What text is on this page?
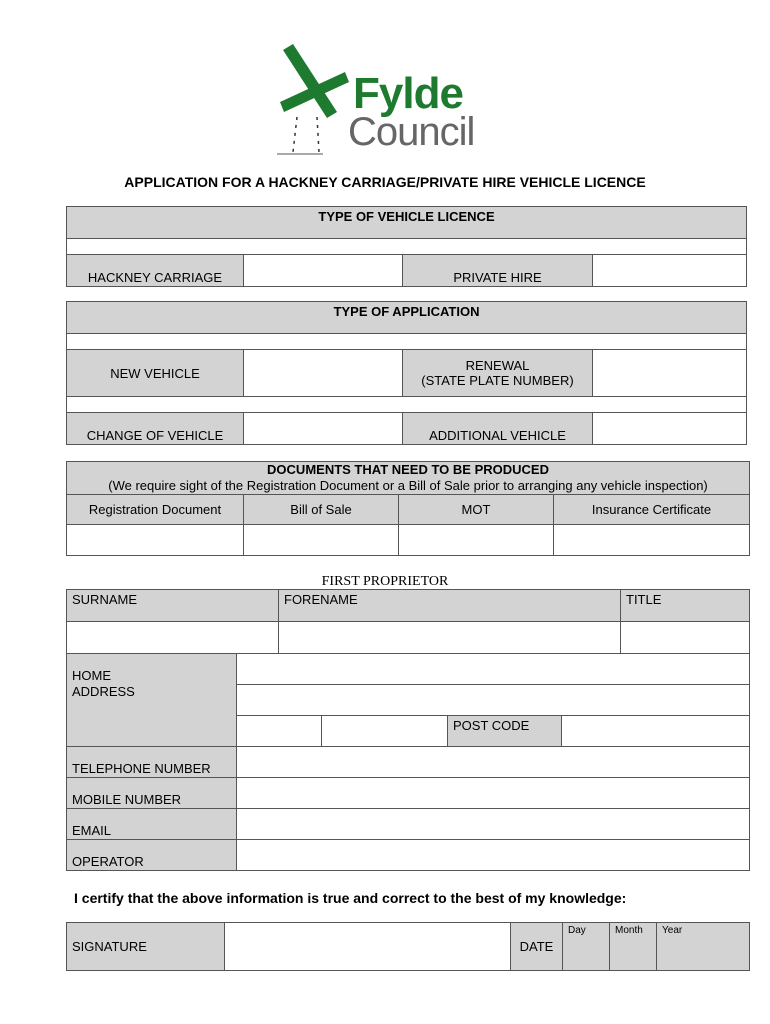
Fylde
Council
APPLICATION FOR A HACKNEY CARRIAGE/PRIVATE HIRE VEHICLE LICENCE
TYPE OF VEHICLE LICENCE

HACKNEY CARRIAGE		PRIVATE HIRE	
TYPE OF APPLICATION			

NEW VEHICLE		RENEWAL
(STATE PLATE NUMBER)	

CHANGE OF VEHICLE		ADDITIONAL VEHICLE	
DOCUMENTS THAT NEED TO BE PRODUCED
(We require sight of the Registration Document or a Bill of Sale prior to arranging any vehicle inspection)			

Registration Document	Bill of Sale	MOT	Insurance Certificate

FIRST PROPRIETOR
SURNAME	FORENAME	TITLE

HOME
ADDRESS				

			POST CODE	
TELEPHONE NUMBER				
MOBILE NUMBER				
EMAIL				
OPERATOR				
I certify that the above information is true and correct to the best of my knowledge:
SIGNATURE		DATE	Day	Month	Year
